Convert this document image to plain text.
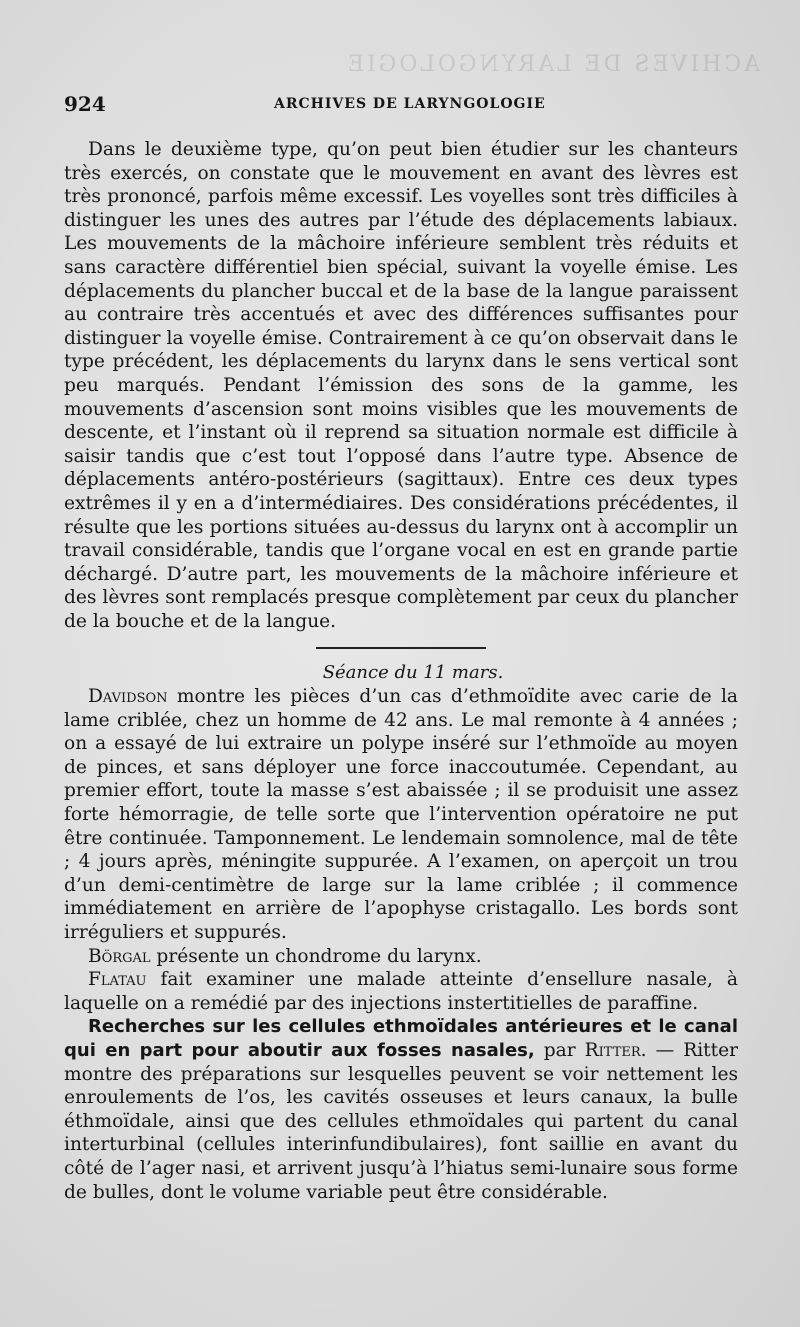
ACHIVES DE LARYNGOLOGIE
924	ARCHIVES DE LARYNGOLOGIE

Dans le deuxième type, qu’on peut bien étudier sur les chanteurs très exercés, on constate que le mouvement en avant des lèvres est très prononcé, parfois même excessif. Les voyelles sont très difficiles à distinguer les unes des autres par l’étude des déplacements labiaux. Les mouvements de la mâchoire inférieure semblent très réduits et sans caractère différentiel bien spécial, suivant la voyelle émise. Les déplacements du plancher buccal et de la base de la langue paraissent au contraire très accentués et avec des différences suffisantes pour distinguer la voyelle émise. Contrairement à ce qu’on observait dans le type précédent, les déplacements du larynx dans le sens vertical sont peu marqués. Pendant l’émission des sons de la gamme, les mouvements d’ascension sont moins visibles que les mouvements de descente, et l’instant où il reprend sa situation normale est difficile à saisir tandis que c’est tout l’opposé dans l’autre type. Absence de déplacements antéro-postérieurs (sagittaux). Entre ces deux types extrêmes il y en a d’intermédiaires. Des considérations précédentes, il résulte que les portions situées au-dessus du larynx ont à accomplir un travail considérable, tandis que l’organe vocal en est en grande partie déchargé. D’autre part, les mouvements de la mâchoire inférieure et des lèvres sont remplacés presque complètement par ceux du plancher de la bouche et de la langue.

Séance du 11 mars.

Davidson montre les pièces d’un cas d’ethmoïdite avec carie de la lame criblée, chez un homme de 42 ans. Le mal remonte à 4 années ; on a essayé de lui extraire un polype inséré sur l’ethmoïde au moyen de pinces, et sans déployer une force inaccoutumée. Cependant, au premier effort, toute la masse s’est abaissée ; il se produisit une assez forte hémorragie, de telle sorte que l’intervention opératoire ne put être continuée. Tamponnement. Le lendemain somnolence, mal de tête ; 4 jours après, méningite suppurée. A l’examen, on aperçoit un trou d’un demi-centimètre de large sur la lame criblée ; il commence immédiatement en arrière de l’apophyse cristagallo. Les bords sont irréguliers et suppurés.

Börgal présente un chondrome du larynx.

Flatau fait examiner une malade atteinte d’ensellure nasale, à laquelle on a remédié par des injections instertitielles de paraffine.

Recherches sur les cellules ethmoïdales antérieures et le canal qui en part pour aboutir aux fosses nasales, par Ritter. — Ritter montre des préparations sur lesquelles peuvent se voir nettement les enroulements de l’os, les cavités osseuses et leurs canaux, la bulle éthmoïdale, ainsi que des cellules ethmoïdales qui partent du canal interturbinal (cellules interinfundibulaires), font saillie en avant du côté de l’ager nasi, et arrivent jusqu’à l’hiatus semi-lunaire sous forme de bulles, dont le volume variable peut être considérable.
